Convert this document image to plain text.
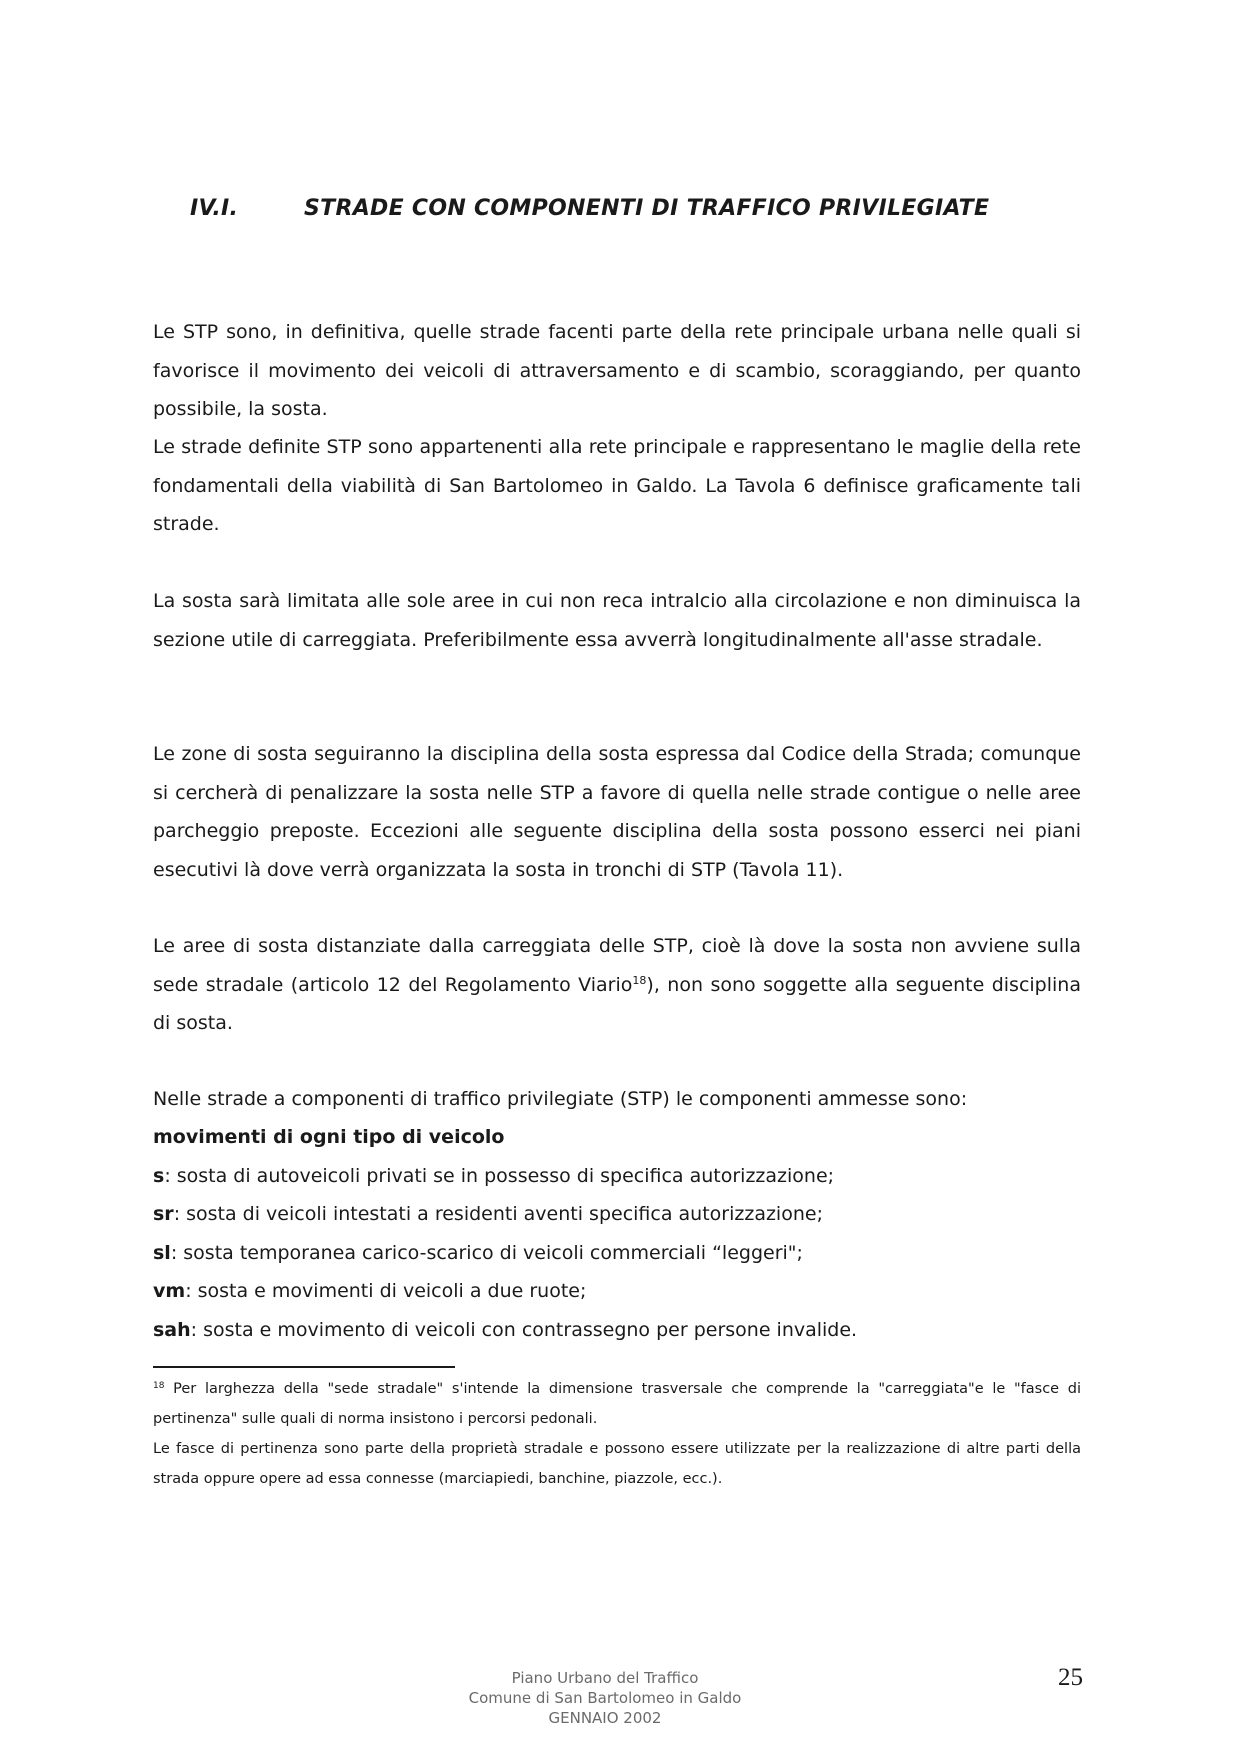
IV.I.	STRADE CON COMPONENTI DI TRAFFICO PRIVILEGIATE

Le STP sono, in definitiva, quelle strade facenti parte della rete principale urbana nelle quali si favorisce il movimento dei veicoli di attraversamento e di scambio, scoraggiando, per quanto possibile, la sosta.

Le strade definite STP sono appartenenti alla rete principale e rappresentano le maglie della rete fondamentali della viabilità di San Bartolomeo in Galdo. La Tavola 6 definisce graficamente tali strade.

La sosta sarà limitata alle sole aree in cui non reca intralcio alla circolazione e non diminuisca la sezione utile di carreggiata. Preferibilmente essa avverrà longitudinalmente all'asse stradale.

Le zone di sosta seguiranno la disciplina della sosta espressa dal Codice della Strada; comunque si cercherà di penalizzare la sosta nelle STP a favore di quella nelle strade contigue o nelle aree parcheggio preposte. Eccezioni alle seguente disciplina della sosta possono esserci nei piani esecutivi là dove verrà organizzata la sosta in tronchi di STP (Tavola 11).

Le aree di sosta distanziate dalla carreggiata delle STP, cioè là dove la sosta non avviene sulla sede stradale (articolo 12 del Regolamento Viario$^{18}$), non sono soggette alla seguente disciplina di sosta.

Nelle strade a componenti di traffico privilegiate (STP) le componenti ammesse sono:

movimenti di ogni tipo di veicolo
s: sosta di autoveicoli privati se in possesso di specifica autorizzazione;
sr: sosta di veicoli intestati a residenti aventi specifica autorizzazione;
sl: sosta temporanea carico-scarico di veicoli commerciali “leggeri";
vm: sosta e movimenti di veicoli a due ruote;
sah: sosta e movimento di veicoli con contrassegno per persone invalide.

$^{18}$ Per larghezza della "sede stradale" s'intende la dimensione trasversale che comprende la "carreggiata"e le "fasce di pertinenza" sulle quali di norma insistono i percorsi pedonali.

Le fasce di pertinenza sono parte della proprietà stradale e possono essere utilizzate per la realizzazione di altre parti della strada oppure opere ad essa connesse (marciapiedi, banchine, piazzole, ecc.).

Piano Urbano del Traffico
Comune di San Bartolomeo in Galdo
GENNAIO 2002
25
